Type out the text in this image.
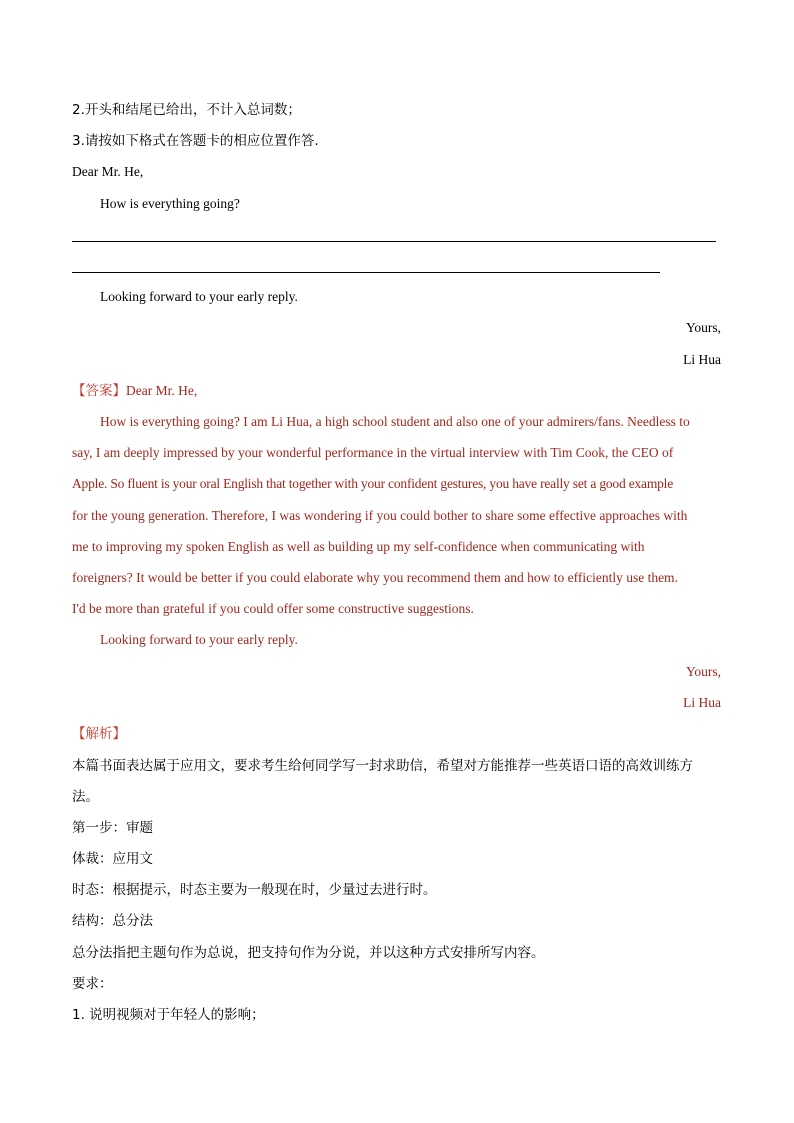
2.开头和结尾已给出，不计入总词数；
3.请按如下格式在答题卡的相应位置作答.
Dear Mr. He,
How is everything going?
Looking forward to your early reply.
Yours,
Li Hua
【答案】Dear Mr. He,
How is everything going? I am Li Hua, a high school student and also one of your admirers/fans. Needless to
say, I am deeply impressed by your wonderful performance in the virtual interview with Tim Cook, the CEO of
Apple. So fluent is your oral English that together with your confident gestures, you have really set a good example
for the young generation. Therefore, I was wondering if you could bother to share some effective approaches with
me to improving my spoken English as well as building up my self-confidence when communicating with
foreigners? It would be better if you could elaborate why you recommend them and how to efficiently use them.
I'd be more than grateful if you could offer some constructive suggestions.
Looking forward to your early reply.
Yours,
Li Hua
【解析】
本篇书面表达属于应用文，要求考生给何同学写一封求助信，希望对方能推荐一些英语口语的高效训练方
法。
第一步：审题
体裁：应用文
时态：根据提示，时态主要为一般现在时，少量过去进行时。
结构：总分法
总分法指把主题句作为总说，把支持句作为分说，并以这种方式安排所写内容。
要求：
1. 说明视频对于年轻人的影响；
